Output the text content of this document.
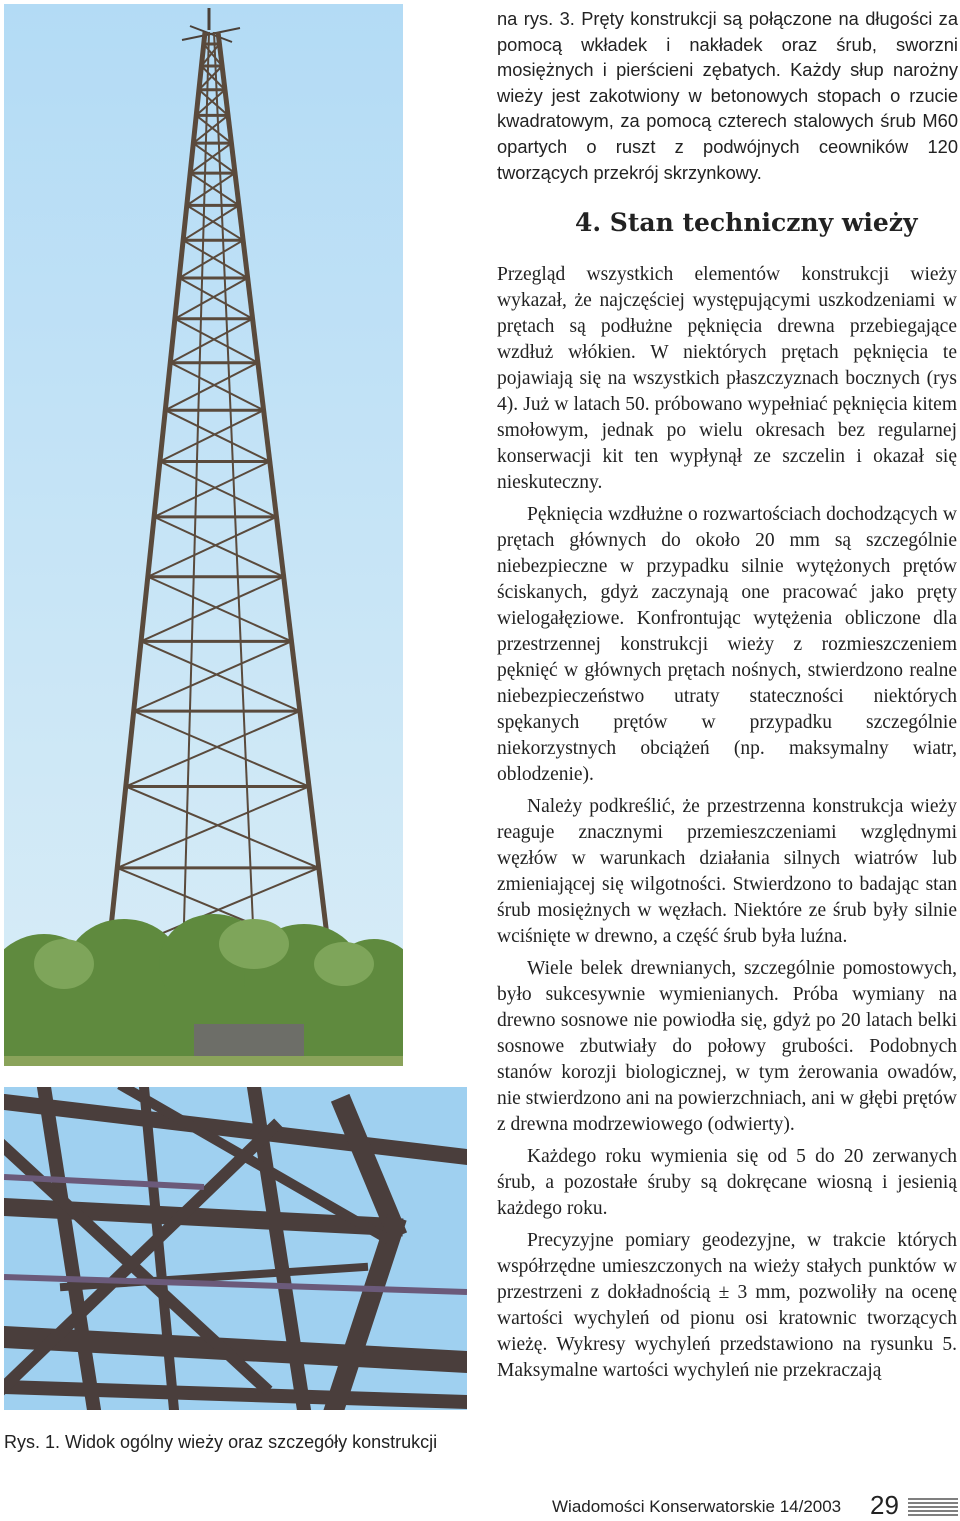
Rys. 1. Widok ogólny wieży oraz szczegóły konstrukcji
na rys. 3. Pręty konstrukcji są połączone na długości za pomocą wkładek i nakładek oraz śrub, sworzni mosiężnych i pierścieni zębatych. Każdy słup narożny wieży jest zakotwiony w betonowych stopach o rzucie kwadratowym, za pomocą czterech stalowych śrub M60 opartych o ruszt z podwójnych ceowników 120 tworzących przekrój skrzynkowy.
4. Stan techniczny wieży

Przegląd wszystkich elementów konstrukcji wieży wykazał, że najczęściej występującymi uszkodzeniami w prętach są podłużne pęknięcia drewna przebiegające wzdłuż włókien. W niektórych prętach pęknięcia te pojawiają się na wszystkich płaszczyznach bocznych (rys 4). Już w latach 50. próbowano wypełniać pęknięcia kitem smołowym, jednak po wielu okresach bez regularnej konserwacji kit ten wypłynął ze szczelin i okazał się nieskuteczny.

Pęknięcia wzdłużne o rozwartościach dochodzących w prętach głównych do około 20 mm są szczególnie niebezpieczne w przypadku silnie wytężonych prętów ściskanych, gdyż zaczynają one pracować jako pręty wielogałęziowe. Konfrontując wytężenia obliczone dla przestrzennej konstrukcji wieży z rozmieszczeniem pęknięć w głównych prętach nośnych, stwierdzono realne niebezpieczeństwo utraty stateczności niektórych spękanych prętów w przypadku szczególnie niekorzystnych obciążeń (np. maksymalny wiatr, oblodzenie).

Należy podkreślić, że przestrzenna konstrukcja wieży reaguje znacznymi przemieszczeniami względnymi węzłów w warunkach działania silnych wiatrów lub zmieniającej się wilgotności. Stwierdzono to badając stan śrub mosiężnych w węzłach. Niektóre ze śrub były silnie wciśnięte w drewno, a część śrub była luźna.

Wiele belek drewnianych, szczególnie pomostowych, było sukcesywnie wymienianych. Próba wymiany na drewno sosnowe nie powiodła się, gdyż po 20 latach belki sosnowe zbutwiały do połowy grubości. Podobnych stanów korozji biologicznej, w tym żerowania owadów, nie stwierdzono ani na powierzchniach, ani w głębi prętów z drewna modrzewiowego (odwierty).

Każdego roku wymienia się od 5 do 20 zerwanych śrub, a pozostałe śruby są dokręcane wiosną i jesienią każdego roku.

Precyzyjne pomiary geodezyjne, w trakcie których współrzędne umieszczonych na wieży stałych punktów w przestrzeni z dokładnością ± 3 mm, pozwoliły na ocenę wartości wychyleń od pionu osi kratownic tworzących wieżę. Wykresy wychyleń przedstawiono na rysunku 5. Maksymalne wartości wychyleń nie przekraczają

Wiadomości Konserwatorskie 14/2003 29
